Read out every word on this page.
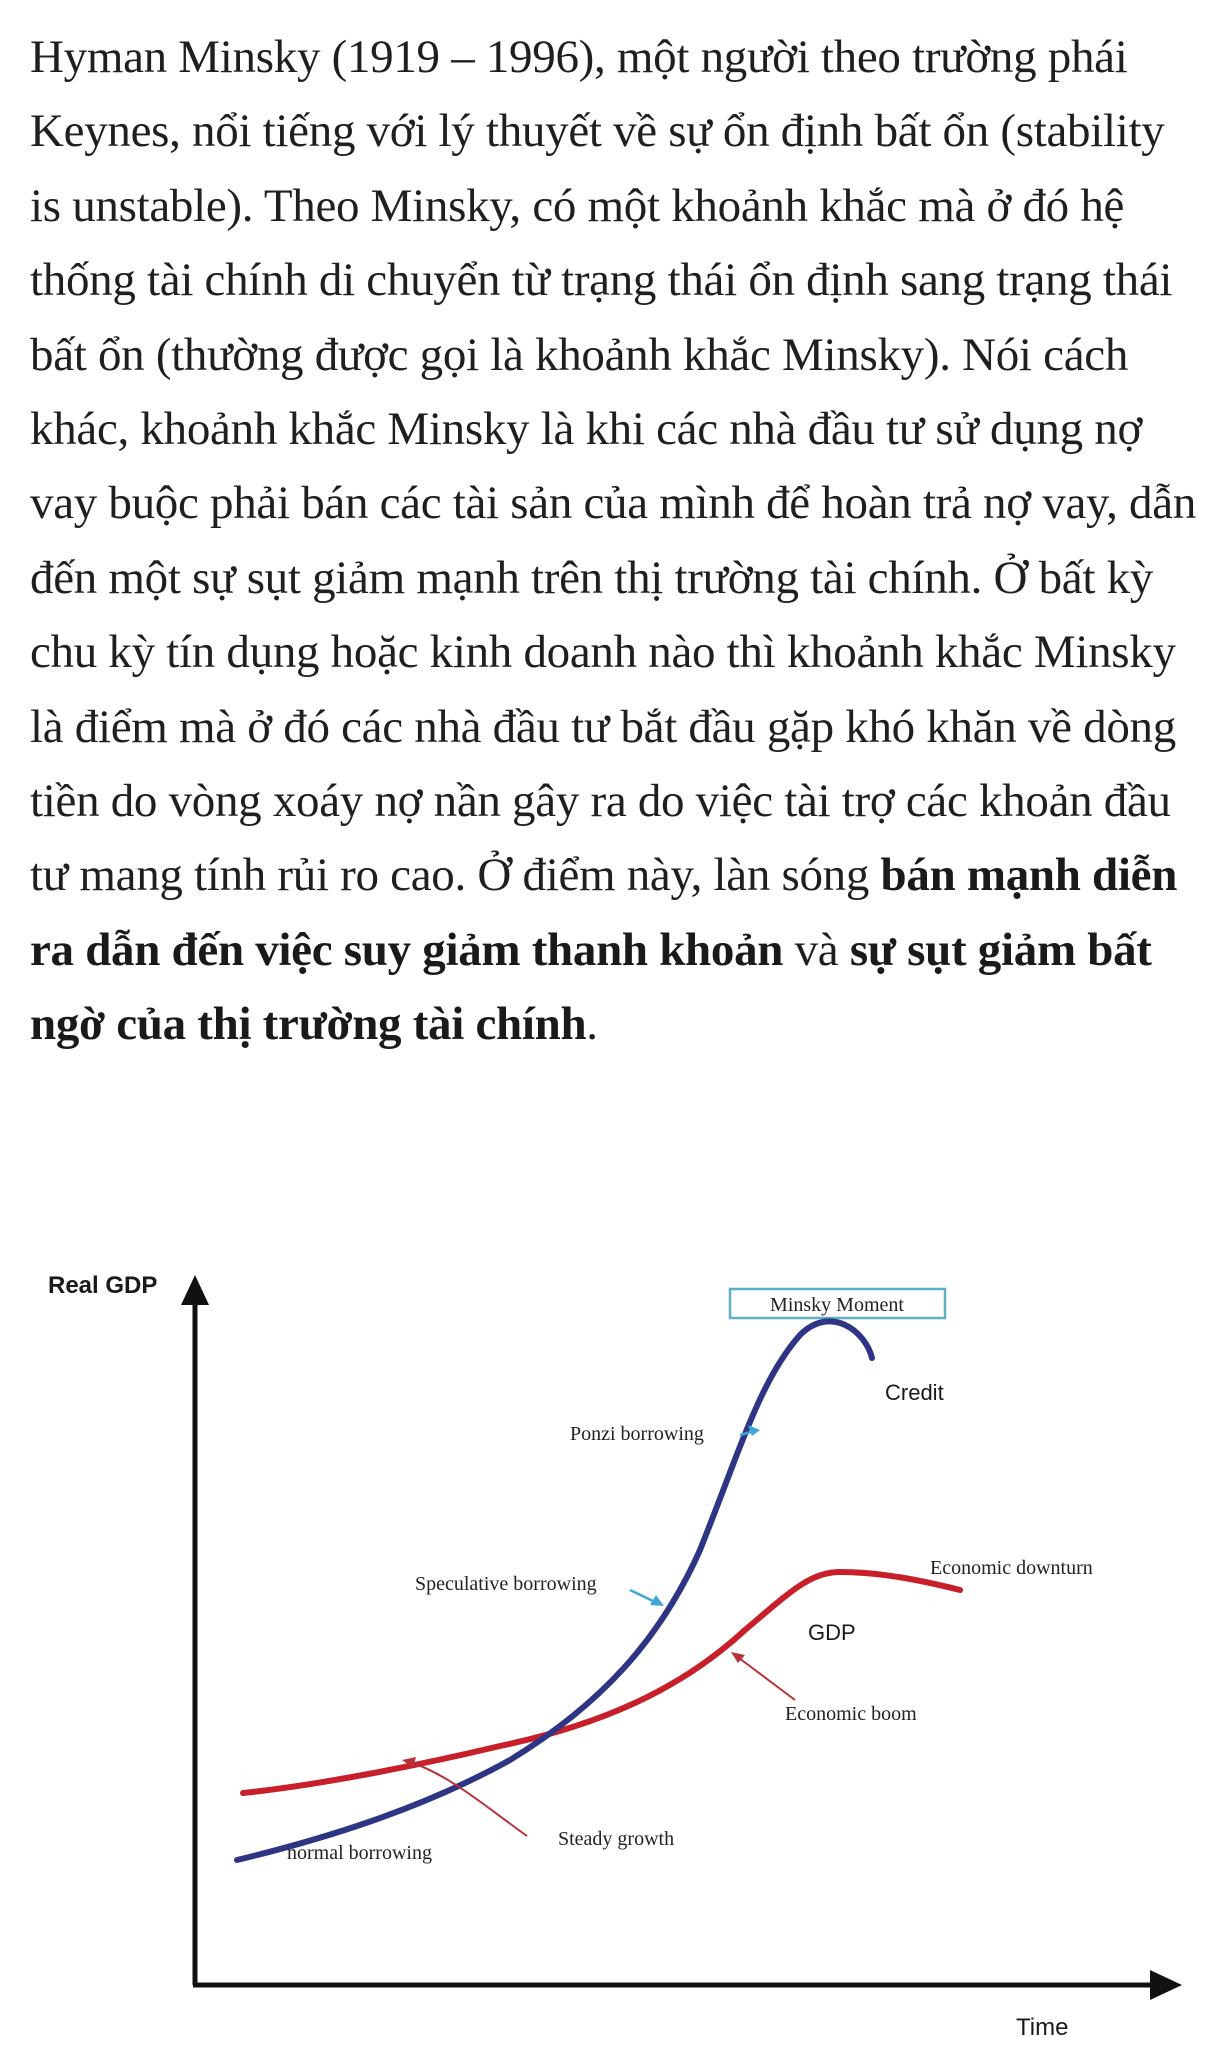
Hyman Minsky (1919 – 1996), một người theo trường phái Keynes, nổi tiếng với lý thuyết về sự ổn định bất ổn (stability is unstable). Theo Minsky, có một khoảnh khắc mà ở đó hệ thống tài chính di chuyển từ trạng thái ổn định sang trạng thái bất ổn (thường được gọi là khoảnh khắc Minsky). Nói cách khác, khoảnh khắc Minsky là khi các nhà đầu tư sử dụng nợ vay buộc phải bán các tài sản của mình để hoàn trả nợ vay, dẫn đến một sự sụt giảm mạnh trên thị trường tài chính. Ở bất kỳ chu kỳ tín dụng hoặc kinh doanh nào thì khoảnh khắc Minsky là điểm mà ở đó các nhà đầu tư bắt đầu gặp khó khăn về dòng tiền do vòng xoáy nợ nần gây ra do việc tài trợ các khoản đầu tư mang tính rủi ro cao. Ở điểm này, làn sóng bán mạnh diễn ra dẫn đến việc suy giảm thanh khoản và sự sụt giảm bất ngờ của thị trường tài chính.

Real GDP
Time
Minsky Moment
Credit
GDP
Ponzi borrowing
Speculative borrowing
Economic downturn
Economic boom
Steady growth
normal borrowing
